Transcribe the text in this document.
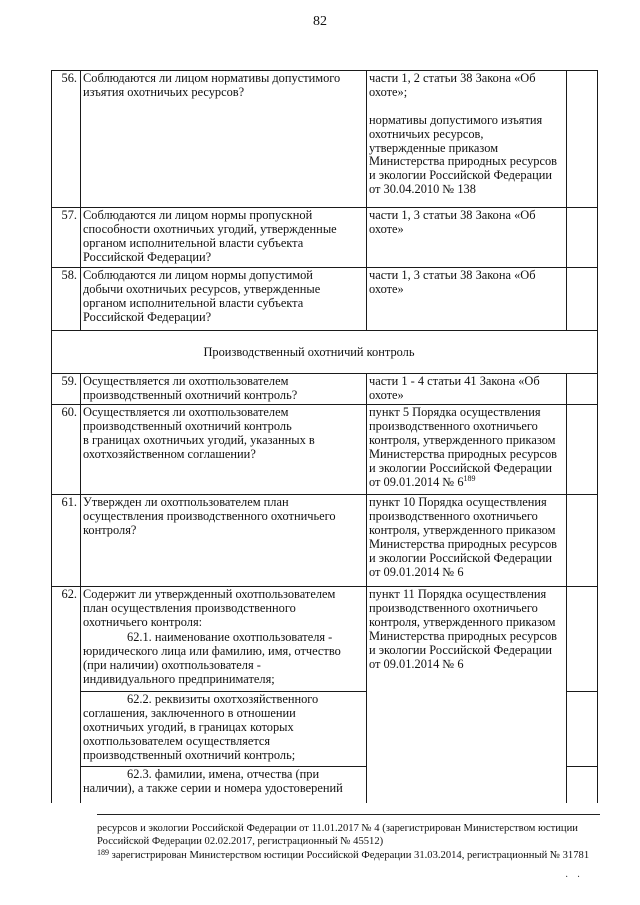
82
56. Соблюдаются ли лицом нормативы допустимого
изъятия охотничьих ресурсов?
части 1, 2 статьи 38 Закона «Об
охоте»;

нормативы допустимого изъятия
охотничьих ресурсов,
утвержденные приказом
Министерства природных ресурсов
и экологии Российской Федерации
от 30.04.2010 № 138
57. Соблюдаются ли лицом нормы пропускной
способности охотничьих угодий, утвержденные
органом исполнительной власти субъекта
Российской Федерации?
части 1, 3 статьи 38 Закона «Об
охоте»
58. Соблюдаются ли лицом нормы допустимой
добычи охотничьих ресурсов, утвержденные
органом исполнительной власти субъекта
Российской Федерации?
части 1, 3 статьи 38 Закона «Об
охоте»
Производственный охотничий контроль
59. Осуществляется ли охотпользователем
производственный охотничий контроль?
части 1 - 4 статьи 41 Закона «Об
охоте»
60. Осуществляется ли охотпользователем
производственный охотничий контроль
в границах охотничьих угодий, указанных в
охотхозяйственном соглашении?
пункт 5 Порядка осуществления
производственного охотничьего
контроля, утвержденного приказом
Министерства природных ресурсов
и экологии Российской Федерации
от 09.01.2014 № $6^{189}$
61. Утвержден ли охотпользователем план
осуществления производственного охотничьего
контроля?
пункт 10 Порядка осуществления
производственного охотничьего
контроля, утвержденного приказом
Министерства природных ресурсов
и экологии Российской Федерации
от 09.01.2014 № 6
62. Содержит ли утвержденный охотпользователем
план осуществления производственного
охотничьего контроля:
пункт 11 Порядка осуществления
производственного охотничьего
контроля, утвержденного приказом
Министерства природных ресурсов
и экологии Российской Федерации
от 09.01.2014 № 6
62.1. наименование охотпользователя -
юридического лица или фамилию, имя, отчество
(при наличии) охотпользователя -
индивидуального предпринимателя;
62.2. реквизиты охотхозяйственного
соглашения, заключенного в отношении
охотничьих угодий, в границах которых
охотпользователем осуществляется
производственный охотничий контроль;
62.3. фамилии, имена, отчества (при
наличии), а также серии и номера удостоверений
ресурсов и экологии Российской Федерации от 11.01.2017 № 4 (зарегистрирован Министерством юстиции
Российской Федерации 02.02.2017, регистрационный № 45512)
$^{189}$ зарегистрирован Министерством юстиции Российской Федерации 31.03.2014, регистрационный № 31781
· ·
